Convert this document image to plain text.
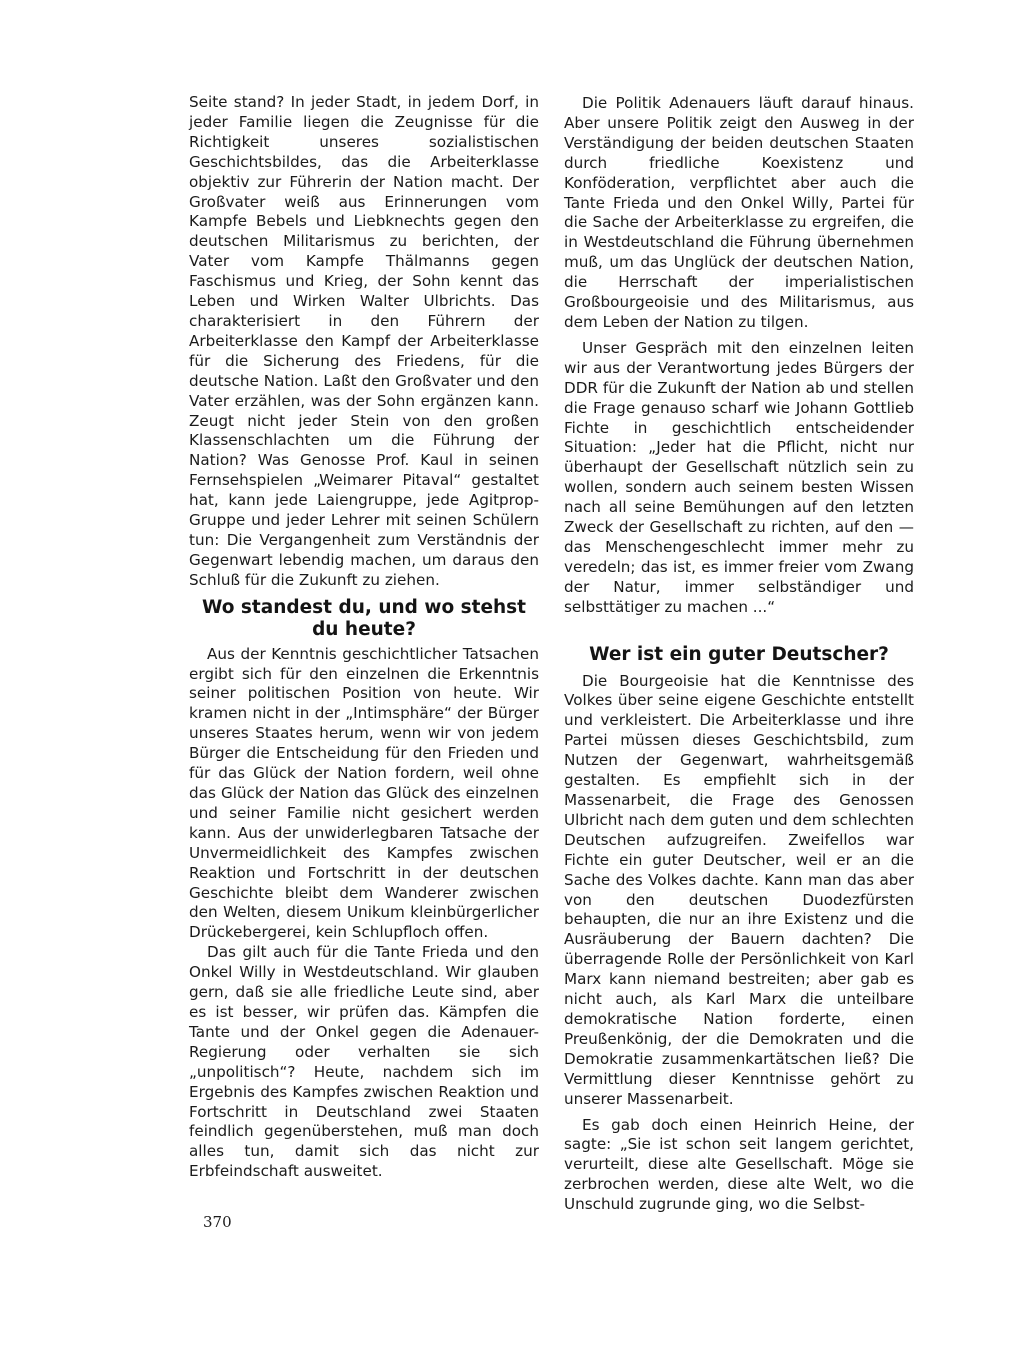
Seite stand? In jeder Stadt, in jedem Dorf, in jeder Familie liegen die Zeugnisse für die Richtigkeit unseres sozialistischen Geschichtsbildes, das die Arbeiterklasse objektiv zur Führerin der Nation macht. Der Großvater weiß aus Erinnerungen vom Kampfe Bebels und Liebknechts gegen den deutschen Militarismus zu berichten, der Vater vom Kampfe Thälmanns gegen Faschismus und Krieg, der Sohn kennt das Leben und Wirken Walter Ulbrichts. Das charakterisiert in den Führern der Arbeiterklasse den Kampf der Arbeiterklasse für die Sicherung des Friedens, für die deutsche Nation. Laßt den Großvater und den Vater erzählen, was der Sohn ergänzen kann. Zeugt nicht jeder Stein von den großen Klassenschlachten um die Führung der Nation? Was Genosse Prof. Kaul in seinen Fernsehspielen „Weimarer Pitaval“ gestaltet hat, kann jede Laiengruppe, jede Agitprop-Gruppe und jeder Lehrer mit seinen Schülern tun: Die Vergangenheit zum Verständnis der Gegenwart lebendig machen, um daraus den Schluß für die Zukunft zu ziehen.

Wo standest du, und wo stehst du heute?

Aus der Kenntnis geschichtlicher Tatsachen ergibt sich für den einzelnen die Erkenntnis seiner politischen Position von heute. Wir kramen nicht in der „Intimsphäre“ der Bürger unseres Staates herum, wenn wir von jedem Bürger die Entscheidung für den Frieden und für das Glück der Nation fordern, weil ohne das Glück der Nation das Glück des einzelnen und seiner Familie nicht gesichert werden kann. Aus der unwiderlegbaren Tatsache der Unvermeidlichkeit des Kampfes zwischen Reaktion und Fortschritt in der deutschen Geschichte bleibt dem Wanderer zwischen den Welten, diesem Unikum kleinbürgerlicher Drückebergerei, kein Schlupfloch offen.

Das gilt auch für die Tante Frieda und den Onkel Willy in Westdeutschland. Wir glauben gern, daß sie alle friedliche Leute sind, aber es ist besser, wir prüfen das. Kämpfen die Tante und der Onkel gegen die Adenauer-Regierung oder verhalten sie sich „unpolitisch“? Heute, nachdem sich im Ergebnis des Kampfes zwischen Reaktion und Fortschritt in Deutschland zwei Staaten feindlich gegenüberstehen, muß man doch alles tun, damit sich das nicht zur Erbfeindschaft ausweitet.

Die Politik Adenauers läuft darauf hinaus. Aber unsere Politik zeigt den Ausweg in der Verständigung der beiden deutschen Staaten durch friedliche Koexistenz und Konföderation, verpflichtet aber auch die Tante Frieda und den Onkel Willy, Partei für die Sache der Arbeiterklasse zu ergreifen, die in Westdeutschland die Führung übernehmen muß, um das Unglück der deutschen Nation, die Herrschaft der imperialistischen Großbourgeoisie und des Militarismus, aus dem Leben der Nation zu tilgen.

Unser Gespräch mit den einzelnen leiten wir aus der Verantwortung jedes Bürgers der DDR für die Zukunft der Nation ab und stellen die Frage genauso scharf wie Johann Gottlieb Fichte in geschichtlich entscheidender Situation: „Jeder hat die Pflicht, nicht nur überhaupt der Gesellschaft nützlich sein zu wollen, sondern auch seinem besten Wissen nach all seine Bemühungen auf den letzten Zweck der Gesellschaft zu richten, auf den — das Menschengeschlecht immer mehr zu veredeln; das ist, es immer freier vom Zwang der Natur, immer selbständiger und selbsttätiger zu machen ...“

Wer ist ein guter Deutscher?

Die Bourgeoisie hat die Kenntnisse des Volkes über seine eigene Geschichte entstellt und verkleistert. Die Arbeiterklasse und ihre Partei müssen dieses Geschichtsbild, zum Nutzen der Gegenwart, wahrheitsgemäß gestalten. Es empfiehlt sich in der Massenarbeit, die Frage des Genossen Ulbricht nach dem guten und dem schlechten Deutschen aufzugreifen. Zweifellos war Fichte ein guter Deutscher, weil er an die Sache des Volkes dachte. Kann man das aber von den deutschen Duodezfürsten behaupten, die nur an ihre Existenz und die Ausräuberung der Bauern dachten? Die überragende Rolle der Persönlichkeit von Karl Marx kann niemand bestreiten; aber gab es nicht auch, als Karl Marx die unteilbare demokratische Nation forderte, einen Preußenkönig, der die Demokraten und die Demokratie zusammenkartätschen ließ? Die Vermittlung dieser Kenntnisse gehört zu unserer Massenarbeit.

Es gab doch einen Heinrich Heine, der sagte: „Sie ist schon seit langem gerichtet, verurteilt, diese alte Gesellschaft. Möge sie zerbrochen werden, diese alte Welt, wo die Unschuld zugrunde ging, wo die Selbst-

370
